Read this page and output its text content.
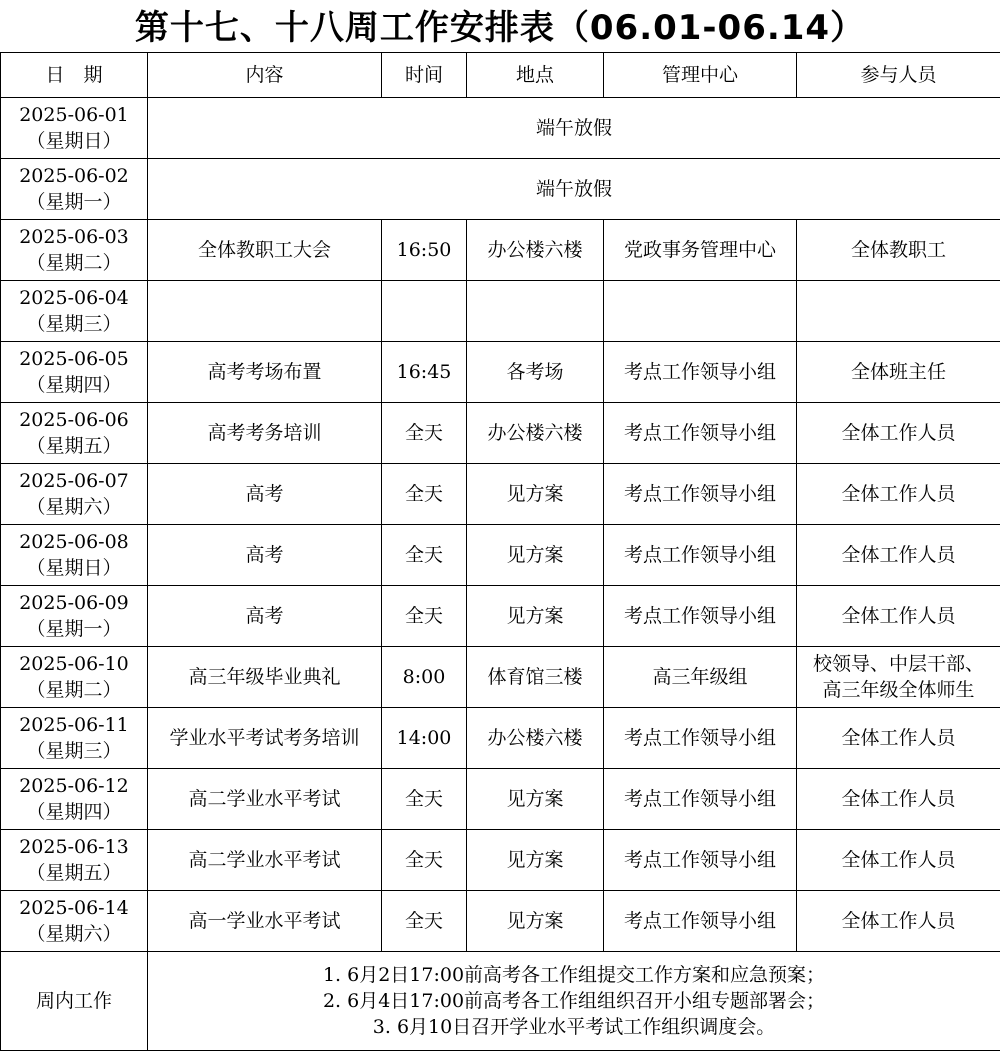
第十七、十八周工作安排表（06.01-06.14）
日　期	内容	时间	地点	管理中心	参与人员

2025-06-01
（星期日）	端午放假				

2025-06-02
（星期一）	端午放假				

2025-06-03
（星期二）	全体教职工大会	16:50	办公楼六楼	党政事务管理中心	全体教职工

2025-06-04
（星期三）					

2025-06-05
（星期四）	高考考场布置	16:45	各考场	考点工作领导小组	全体班主任

2025-06-06
（星期五）	高考考务培训	全天	办公楼六楼	考点工作领导小组	全体工作人员

2025-06-07
（星期六）	高考	全天	见方案	考点工作领导小组	全体工作人员

2025-06-08
（星期日）	高考	全天	见方案	考点工作领导小组	全体工作人员

2025-06-09
（星期一）	高考	全天	见方案	考点工作领导小组	全体工作人员

2025-06-10
（星期二）	高三年级毕业典礼	8:00	体育馆三楼	高三年级组	校领导、中层干部、
高三年级全体师生

2025-06-11
（星期三）	学业水平考试考务培训	14:00	办公楼六楼	考点工作领导小组	全体工作人员

2025-06-12
（星期四）	高二学业水平考试	全天	见方案	考点工作领导小组	全体工作人员

2025-06-13
（星期五）	高二学业水平考试	全天	见方案	考点工作领导小组	全体工作人员

2025-06-14
（星期六）	高一学业水平考试	全天	见方案	考点工作领导小组	全体工作人员
周内工作	1. 6月2日17:00前高考各工作组提交工作方案和应急预案；
2. 6月4日17:00前高考各工作组组织召开小组专题部署会；
3. 6月10日召开学业水平考试工作组织调度会。				
